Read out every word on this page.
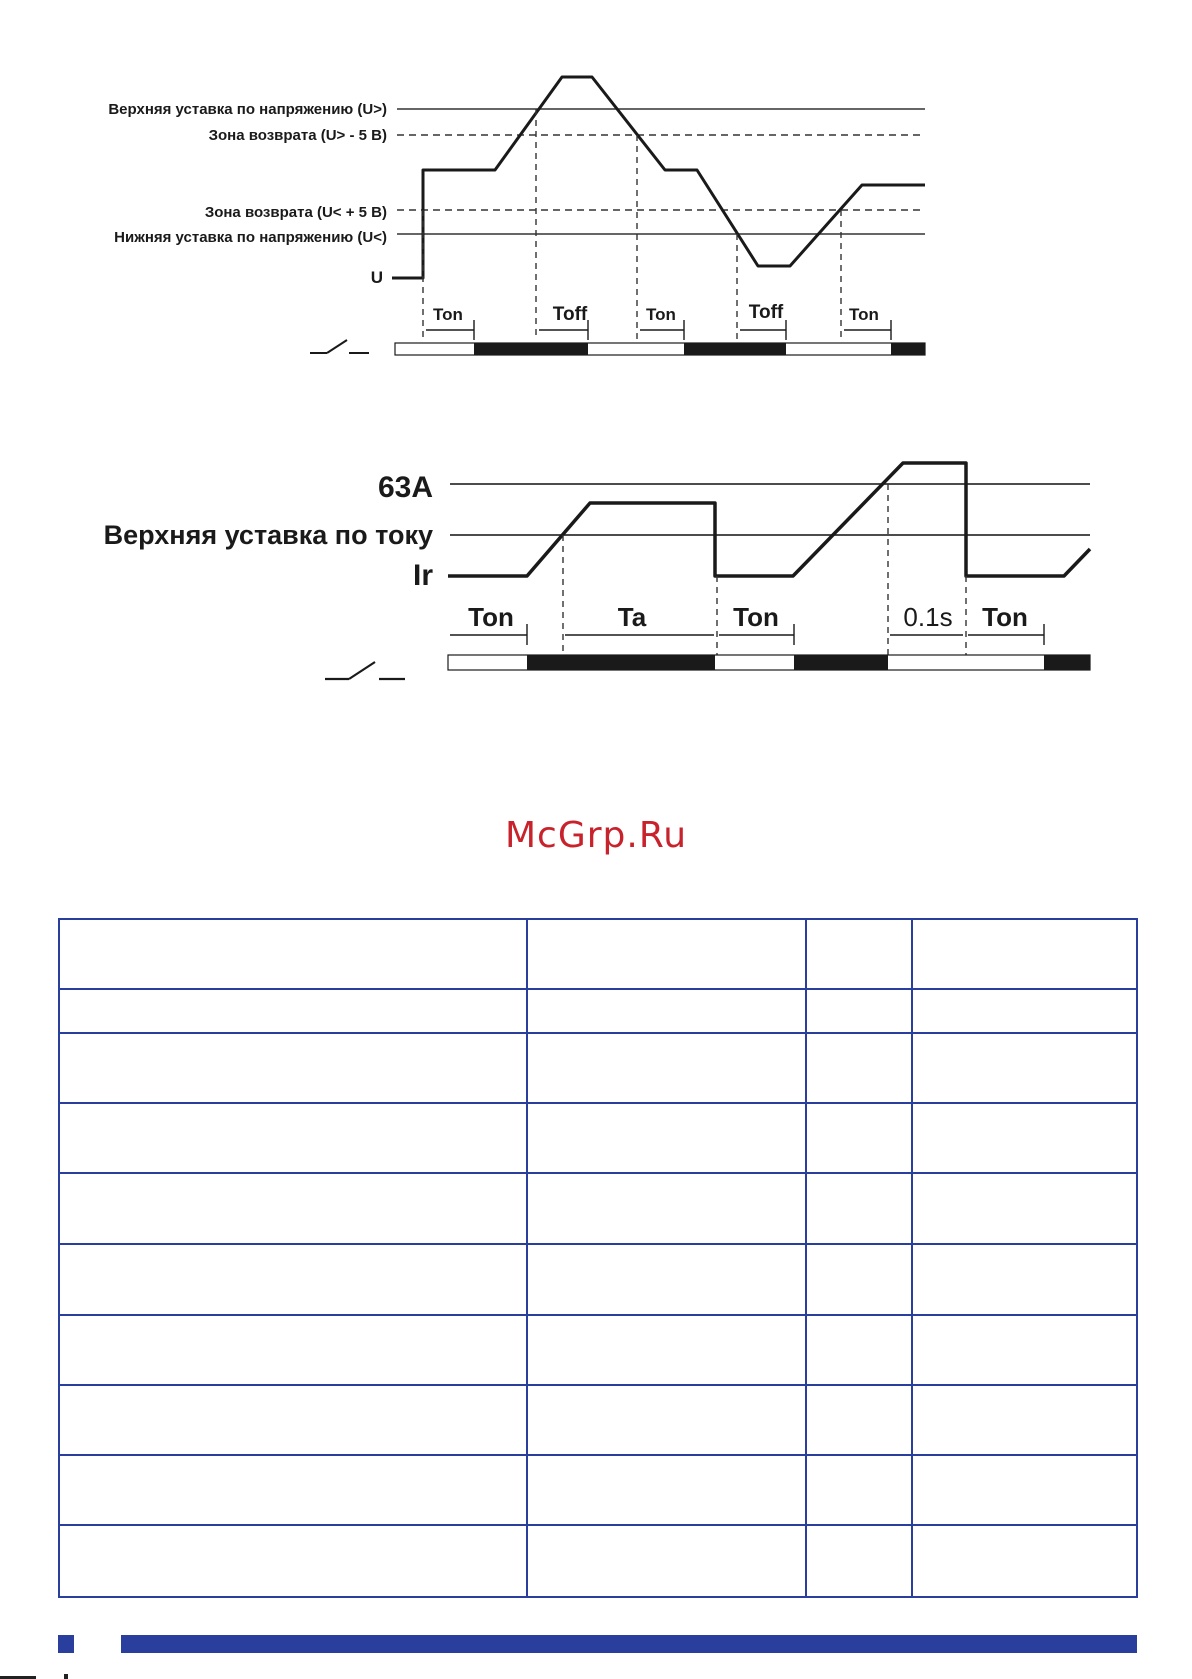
Верхняя уставка по напряжению (U>)
Зона возврата (U> - 5 В)
Зона возврата (U< + 5 В)
Нижняя уставка по напряжению (U<)
U
Ton	Toff	Ton	Toff	Ton
63А
Верхняя уставка по току
Ir
Ton	Ta	Ton	0.1s Ton
McGrp.Ru
